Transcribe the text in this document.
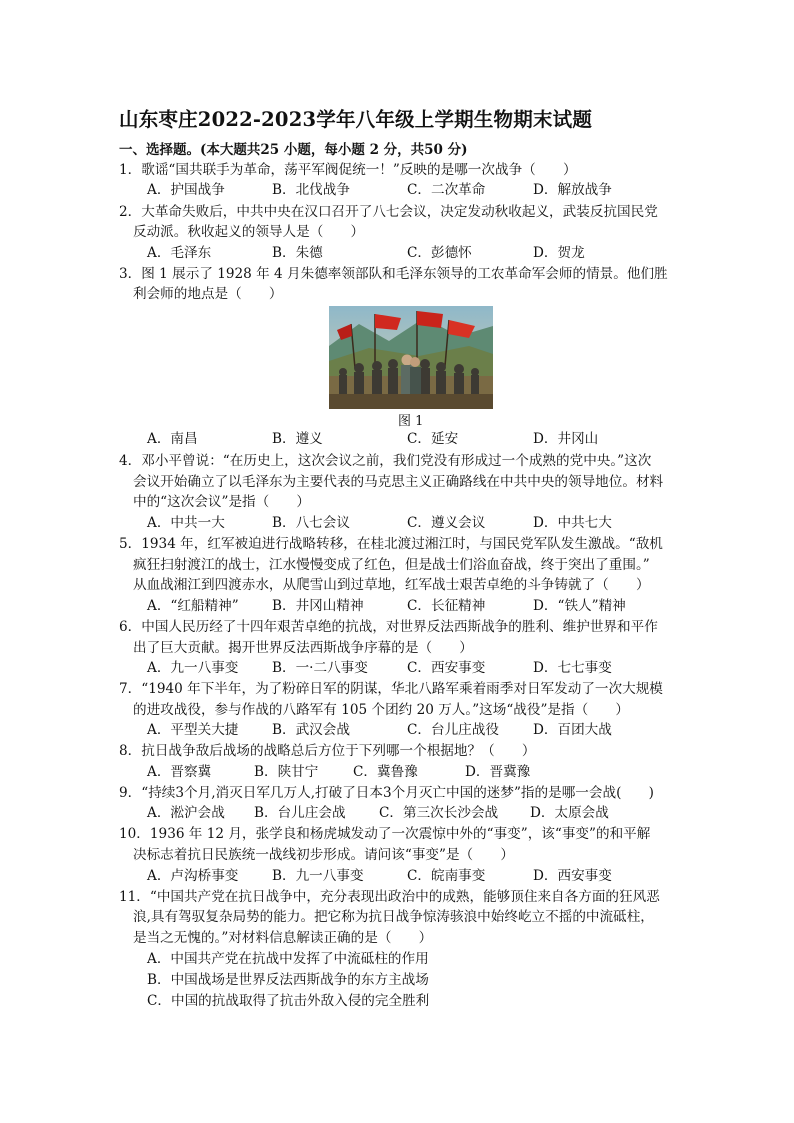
山东枣庄2022-2023学年八年级上学期生物期末试题
一、选择题。(本大题共25 小题，每小题 2 分，共50 分)
1．歌谣“国共联手为革命，荡平军阀促统一！”反映的是哪一次战争（　　）
A．护国战争	B．北伐战争	C．二次革命	D．解放战争
2．大革命失败后，中共中央在汉口召开了八七会议，决定发动秋收起义，武装反抗国民党
反动派。秋收起义的领导人是（　　）
A．毛泽东	B．朱德	C．彭德怀	D．贺龙
3．图 1 展示了 1928 年 4 月朱德率领部队和毛泽东领导的工农革命军会师的情景。他们胜
利会师的地点是（　　）
图 1
A．南昌	B．遵义	C．延安	D．井冈山
4．邓小平曾说：“在历史上，这次会议之前，我们党没有形成过一个成熟的党中央。”这次
会议开始确立了以毛泽东为主要代表的马克思主义正确路线在中共中央的领导地位。材料
中的“这次会议”是指（　　）
A．中共一大	B．八七会议	C．遵义会议	D．中共七大
5．1934 年，红军被迫进行战略转移，在桂北渡过湘江时，与国民党军队发生激战。“敌机
疯狂扫射渡江的战士，江水慢慢变成了红色，但是战士们浴血奋战，终于突出了重围。”
从血战湘江到四渡赤水，从爬雪山到过草地，红军战士艰苦卓绝的斗争铸就了（　　）
A．“红船精神” B．井冈山精神	C．长征精神	D．“铁人”精神
6．中国人民历经了十四年艰苦卓绝的抗战，对世界反法西斯战争的胜利、维护世界和平作
出了巨大贡献。揭开世界反法西斯战争序幕的是（　　）
A．九一八事变 B．一·二八事变	C．西安事变	D．七七事变
7．“1940 年下半年，为了粉碎日军的阴谋，华北八路军乘着雨季对日军发动了一次大规模
的进攻战役，参与作战的八路军有 105 个团约 20 万人。”这场“战役”是指（　　）
A．平型关大捷 B．武汉会战	C．台儿庄战役	D．百团大战
8．抗日战争敌后战场的战略总后方位于下列哪一个根据地？（　　）
A．晋察冀	B．陕甘宁	C．冀鲁豫	D．晋冀豫
9．“持续3个月,消灭日军几万人,打破了日本3个月灭亡中国的迷梦”指的是哪一会战(　　)
A．淞沪会战 B．台儿庄会战 C．第三次长沙会战 D．太原会战
10．1936 年 12 月，张学良和杨虎城发动了一次震惊中外的“事变”，该“事变”的和平解
决标志着抗日民族统一战线初步形成。请问该“事变”是（　　）
A．卢沟桥事变 B．九一八事变	C．皖南事变	D．西安事变
11．“中国共产党在抗日战争中，充分表现出政治中的成熟，能够顶住来自各方面的狂风恶
浪,具有驾驭复杂局势的能力。把它称为抗日战争惊涛骇浪中始终屹立不摇的中流砥柱，
是当之无愧的。”对材料信息解读正确的是（　　）
A．中国共产党在抗战中发挥了中流砥柱的作用
B．中国战场是世界反法西斯战争的东方主战场
C．中国的抗战取得了抗击外敌入侵的完全胜利
